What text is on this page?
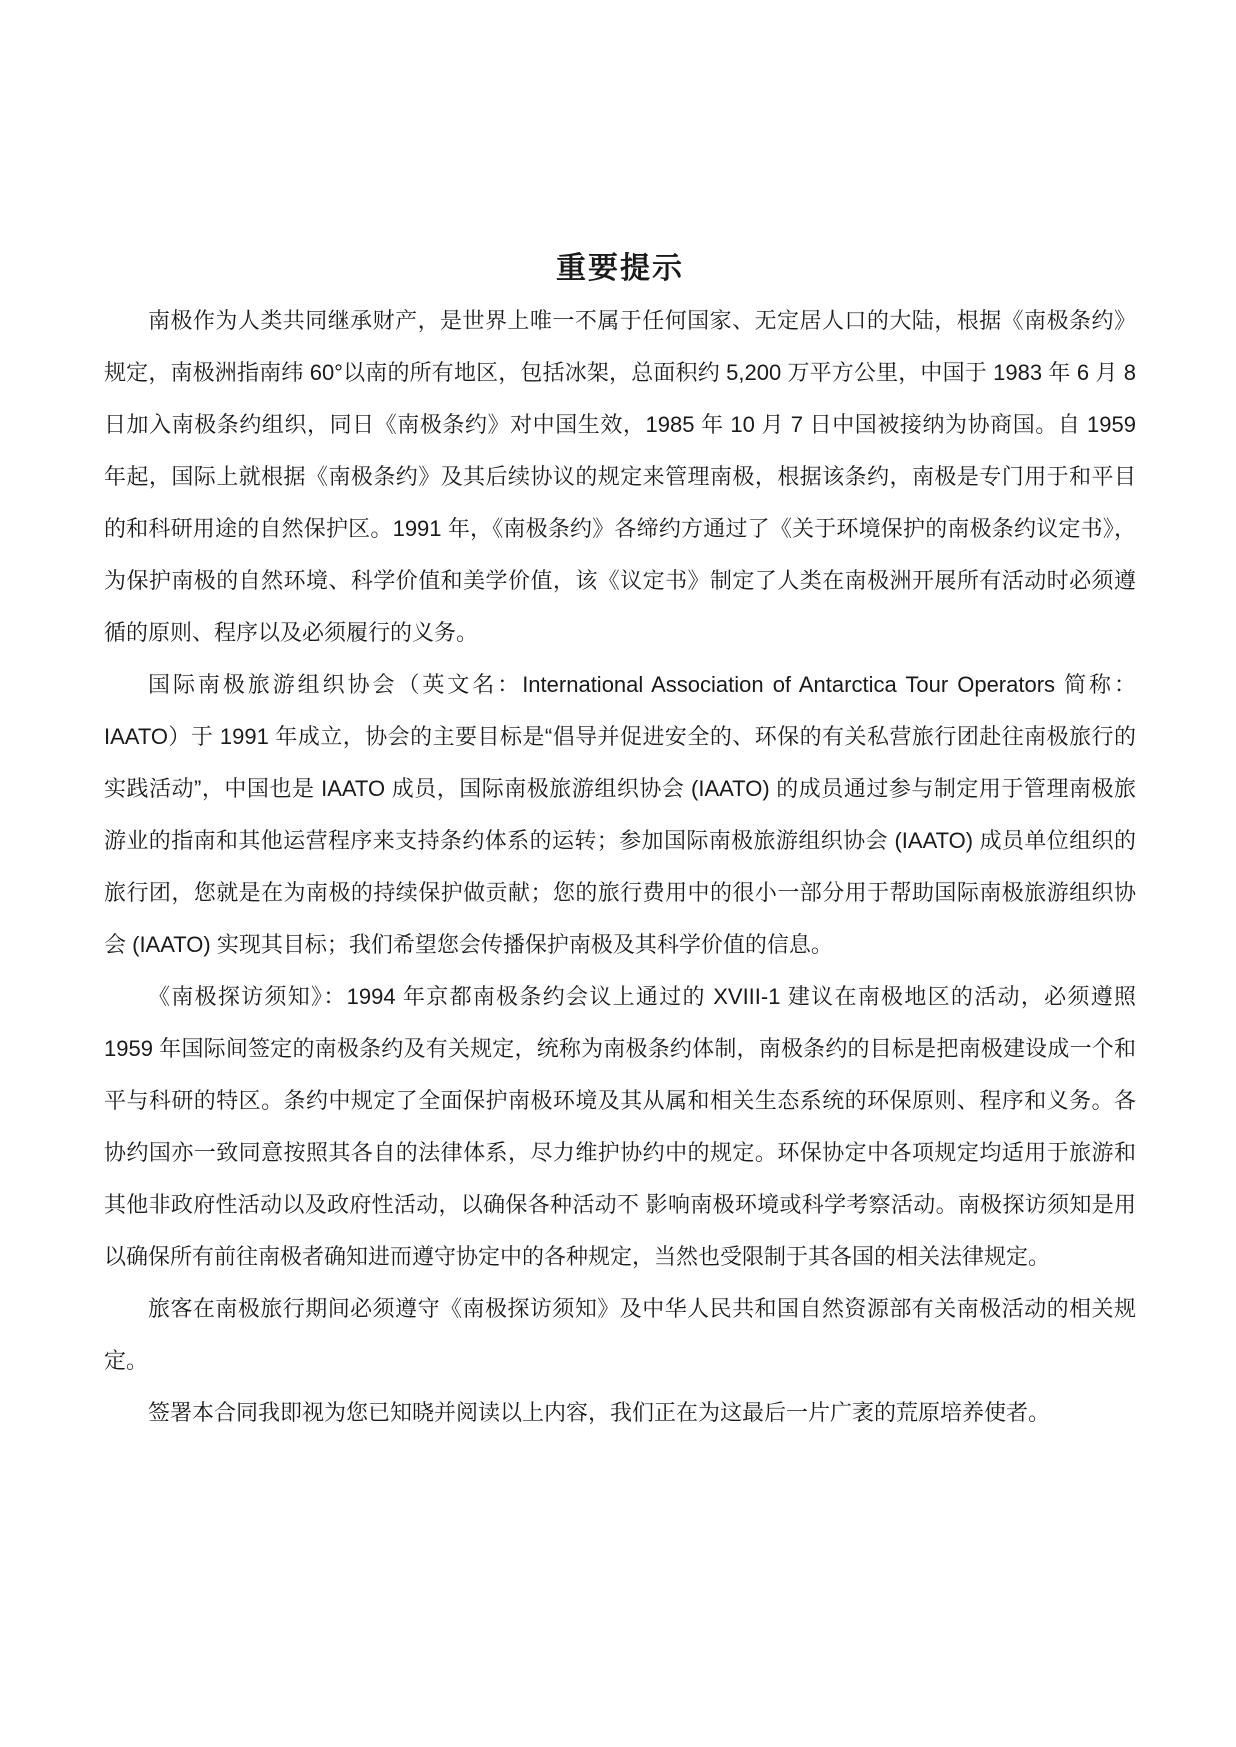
重要提示

南极作为人类共同继承财产，是世界上唯一不属于任何国家、无定居人口的大陆，根据《南极条约》规定，南极洲指南纬 60°以南的所有地区，包括冰架，总面积约 5,200 万平方公里，中国于 1983 年 6 月 8 日加入南极条约组织，同日《南极条约》对中国生效，1985 年 10 月 7 日中国被接纳为协商国。自 1959 年起，国际上就根据《南极条约》及其后续协议的规定来管理南极，根据该条约，南极是专门用于和平目的和科研用途的自然保护区。1991 年，《南极条约》各缔约方通过了《关于环境保护的南极条约议定书》，为保护南极的自然环境、科学价值和美学价值，该《议定书》制定了人类在南极洲开展所有活动时必须遵循的原则、程序以及必须履行的义务。

国际南极旅游组织协会（英文名：International Association of Antarctica Tour Operators 简称：IAATO）于 1991 年成立，协会的主要目标是“倡导并促进安全的、环保的有关私营旅行团赴往南极旅行的实践活动”，中国也是 IAATO 成员，国际南极旅游组织协会 (IAATO) 的成员通过参与制定用于管理南极旅游业的指南和其他运营程序来支持条约体系的运转；参加国际南极旅游组织协会 (IAATO) 成员单位组织的旅行团，您就是在为南极的持续保护做贡献；您的旅行费用中的很小一部分用于帮助国际南极旅游组织协会 (IAATO) 实现其目标；我们希望您会传播保护南极及其科学价值的信息。

《南极探访须知》：1994 年京都南极条约会议上通过的 XVIII-1 建议在南极地区的活动，必须遵照 1959 年国际间签定的南极条约及有关规定，统称为南极条约体制，南极条约的目标是把南极建设成一个和平与科研的特区。条约中规定了全面保护南极环境及其从属和相关生态系统的环保原则、程序和义务。各协约国亦一致同意按照其各自的法律体系，尽力维护协约中的规定。环保协定中各项规定均适用于旅游和其他非政府性活动以及政府性活动，以确保各种活动不 影响南极环境或科学考察活动。南极探访须知是用以确保所有前往南极者确知进而遵守协定中的各种规定，当然也受限制于其各国的相关法律规定。

旅客在南极旅行期间必须遵守《南极探访须知》及中华人民共和国自然资源部有关南极活动的相关规定。

签署本合同我即视为您已知晓并阅读以上内容，我们正在为这最后一片广袤的荒原培养使者。
